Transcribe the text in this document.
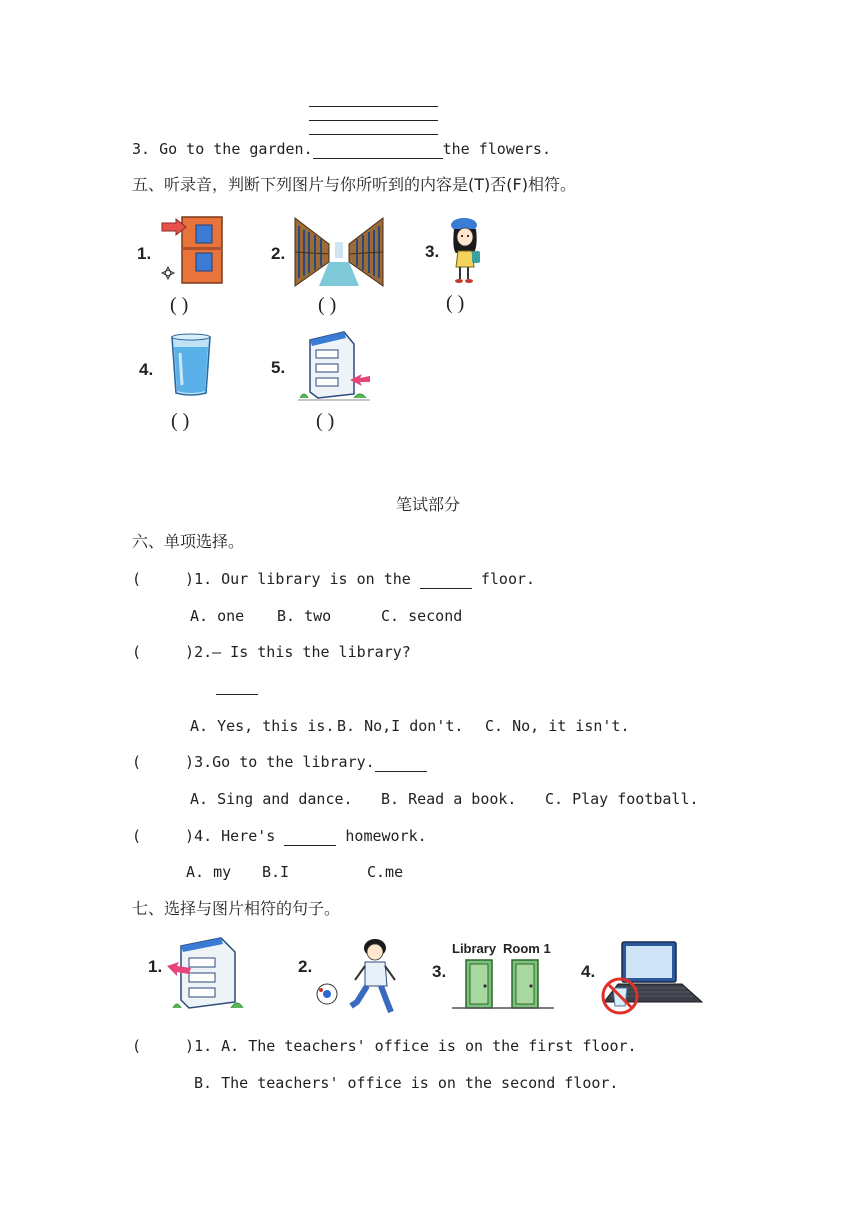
3. Go to the garden.	the flowers.
五、听录音，判断下列图片与你所听到的内容是(T)否(F)相符。
1.
( )
2.
( )
3.
( )
4.
( )
5.
( )
笔试部分
六、单项选择。
(	)1. Our library is on the	floor.
A. one B. two	C. second
(	)2.— Is this the library?
A. Yes, this is. B. No,I don't. C. No, it isn't.
(	)3.Go to the library.
A. Sing and dance. B. Read a book. C. Play football.
(	)4. Here's	homework.
A. my B.I	C.me
七、选择与图片相符的句子。
1.	2.	3.
Library Room 1
4.
(	)1. A. The teachers' office is on the first floor.
B. The teachers' office is on the second floor.
